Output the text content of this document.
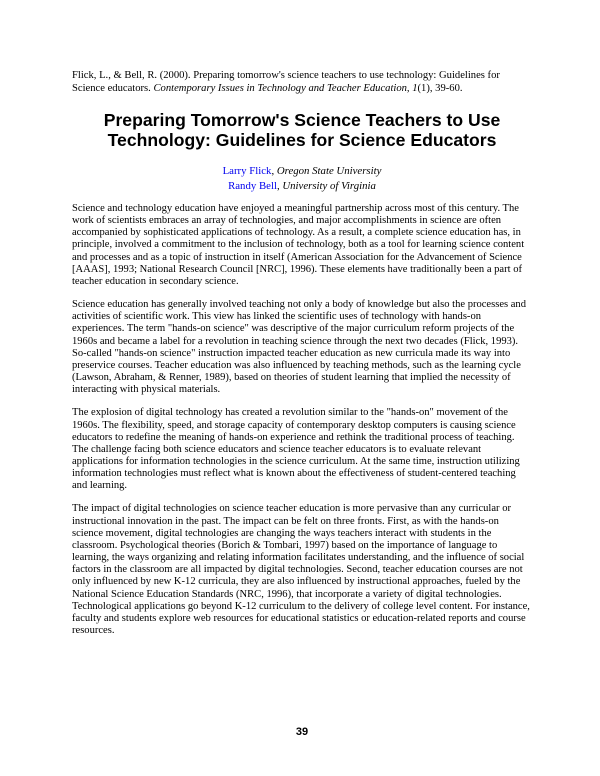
Flick, L., & Bell, R. (2000). Preparing tomorrow's science teachers to use technology: Guidelines for Science educators. Contemporary Issues in Technology and Teacher Education, 1(1), 39-60.
Preparing Tomorrow's Science Teachers to Use Technology: Guidelines for Science Educators
Larry Flick, Oregon State University
Randy Bell, University of Virginia

Science and technology education have enjoyed a meaningful partnership across most of this century. The work of scientists embraces an array of technologies, and major accomplishments in science are often accompanied by sophisticated applications of technology. As a result, a complete science education has, in principle, involved a commitment to the inclusion of technology, both as a tool for learning science content and processes and as a topic of instruction in itself (American Association for the Advancement of Science [AAAS], 1993; National Research Council [NRC], 1996). These elements have traditionally been a part of teacher education in secondary science.

Science education has generally involved teaching not only a body of knowledge but also the processes and activities of scientific work. This view has linked the scientific uses of technology with hands-on experiences. The term "hands-on science" was descriptive of the major curriculum reform projects of the 1960s and became a label for a revolution in teaching science through the next two decades (Flick, 1993). So-called "hands-on science" instruction impacted teacher education as new curricula made its way into preservice courses. Teacher education was also influenced by teaching methods, such as the learning cycle (Lawson, Abraham, & Renner, 1989), based on theories of student learning that implied the necessity of interacting with physical materials.

The explosion of digital technology has created a revolution similar to the "hands-on" movement of the 1960s. The flexibility, speed, and storage capacity of contemporary desktop computers is causing science educators to redefine the meaning of hands-on experience and rethink the traditional process of teaching. The challenge facing both science educators and science teacher educators is to evaluate relevant applications for information technologies in the science curriculum. At the same time, instruction utilizing information technologies must reflect what is known about the effectiveness of student-centered teaching and learning.

The impact of digital technologies on science teacher education is more pervasive than any curricular or instructional innovation in the past. The impact can be felt on three fronts. First, as with the hands-on science movement, digital technologies are changing the ways teachers interact with students in the classroom. Psychological theories (Borich & Tombari, 1997) based on the importance of language to learning, the ways organizing and relating information facilitates understanding, and the influence of social factors in the classroom are all impacted by digital technologies. Second, teacher education courses are not only influenced by new K-12 curricula, they are also influenced by instructional approaches, fueled by the National Science Education Standards (NRC, 1996), that incorporate a variety of digital technologies. Technological applications go beyond K-12 curriculum to the delivery of college level content. For instance, faculty and students explore web resources for educational statistics or education-related reports and course resources.

39
